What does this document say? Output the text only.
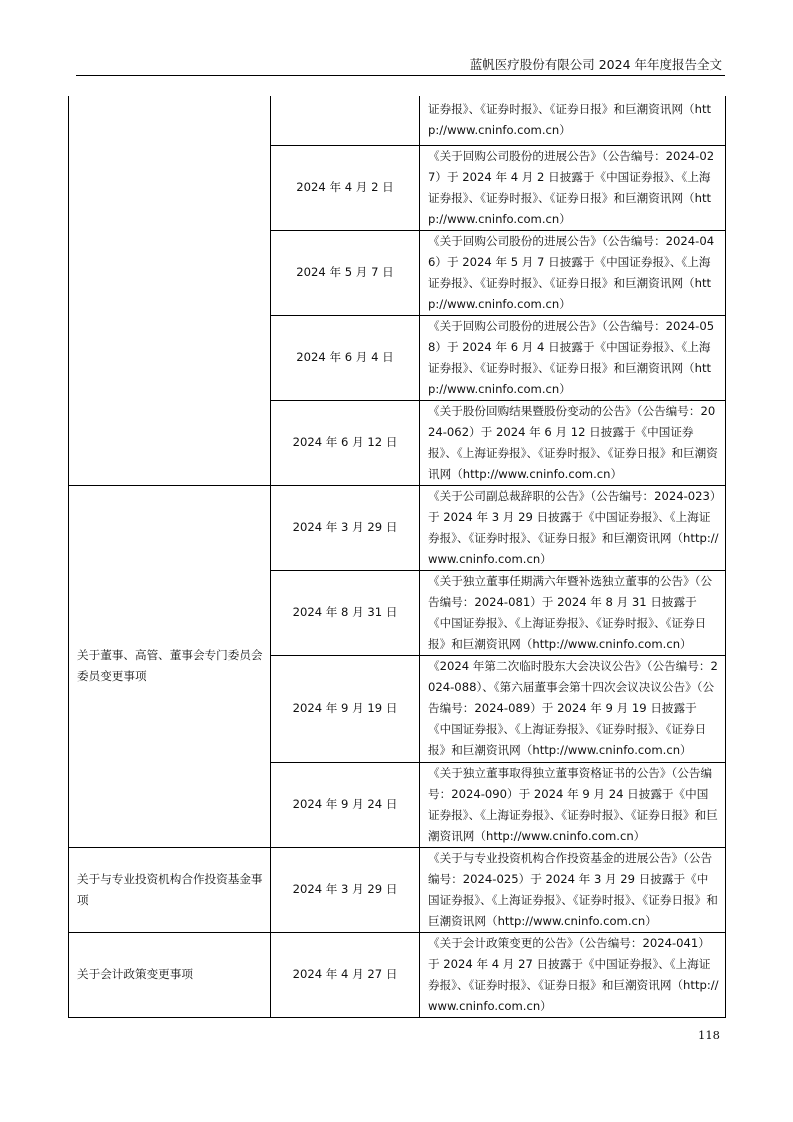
蓝帆医疗股份有限公司 2024 年年度报告全文

		证券报》、《证券时报》、《证券日报》和巨潮资讯网（http://www.cninfo.com.cn）

	2024 年 4 月 2 日	《关于回购公司股份的进展公告》（公告编号：2024-027）于 2024 年 4 月 2 日披露于《中国证券报》、《上海证券报》、《证券时报》、《证券日报》和巨潮资讯网（http://www.cninfo.com.cn）

	2024 年 5 月 7 日	《关于回购公司股份的进展公告》（公告编号：2024-046）于 2024 年 5 月 7 日披露于《中国证券报》、《上海证券报》、《证券时报》、《证券日报》和巨潮资讯网（http://www.cninfo.com.cn）

	2024 年 6 月 4 日	《关于回购公司股份的进展公告》（公告编号：2024-058）于 2024 年 6 月 4 日披露于《中国证券报》、《上海证券报》、《证券时报》、《证券日报》和巨潮资讯网（http://www.cninfo.com.cn）

	2024 年 6 月 12 日	《关于股份回购结果暨股份变动的公告》（公告编号：2024-062）于 2024 年 6 月 12 日披露于《中国证券报》、《上海证券报》、《证券时报》、《证券日报》和巨潮资讯网（http://www.cninfo.com.cn）

关于董事、高管、董事会专门委员会委员变更事项	2024 年 3 月 29 日	《关于公司副总裁辞职的公告》（公告编号：2024-023）于 2024 年 3 月 29 日披露于《中国证券报》、《上海证券报》、《证券时报》、《证券日报》和巨潮资讯网（http://www.cninfo.com.cn）

	2024 年 8 月 31 日	《关于独立董事任期满六年暨补选独立董事的公告》（公告编号：2024-081）于 2024 年 8 月 31 日披露于《中国证券报》、《上海证券报》、《证券时报》、《证券日报》和巨潮资讯网（http://www.cninfo.com.cn）

	2024 年 9 月 19 日	《2024 年第二次临时股东大会决议公告》（公告编号：2024-088）、《第六届董事会第十四次会议决议公告》（公告编号：2024-089）于 2024 年 9 月 19 日披露于《中国证券报》、《上海证券报》、《证券时报》、《证券日报》和巨潮资讯网（http://www.cninfo.com.cn）

	2024 年 9 月 24 日	《关于独立董事取得独立董事资格证书的公告》（公告编号：2024-090）于 2024 年 9 月 24 日披露于《中国证券报》、《上海证券报》、《证券时报》、《证券日报》和巨潮资讯网（http://www.cninfo.com.cn）

关于与专业投资机构合作投资基金事项	2024 年 3 月 29 日	《关于与专业投资机构合作投资基金的进展公告》（公告编号：2024-025）于 2024 年 3 月 29 日披露于《中国证券报》、《上海证券报》、《证券时报》、《证券日报》和巨潮资讯网（http://www.cninfo.com.cn）

关于会计政策变更事项	2024 年 4 月 27 日	《关于会计政策变更的公告》（公告编号：2024-041）于 2024 年 4 月 27 日披露于《中国证券报》、《上海证券报》、《证券时报》、《证券日报》和巨潮资讯网（http://www.cninfo.com.cn）
118
